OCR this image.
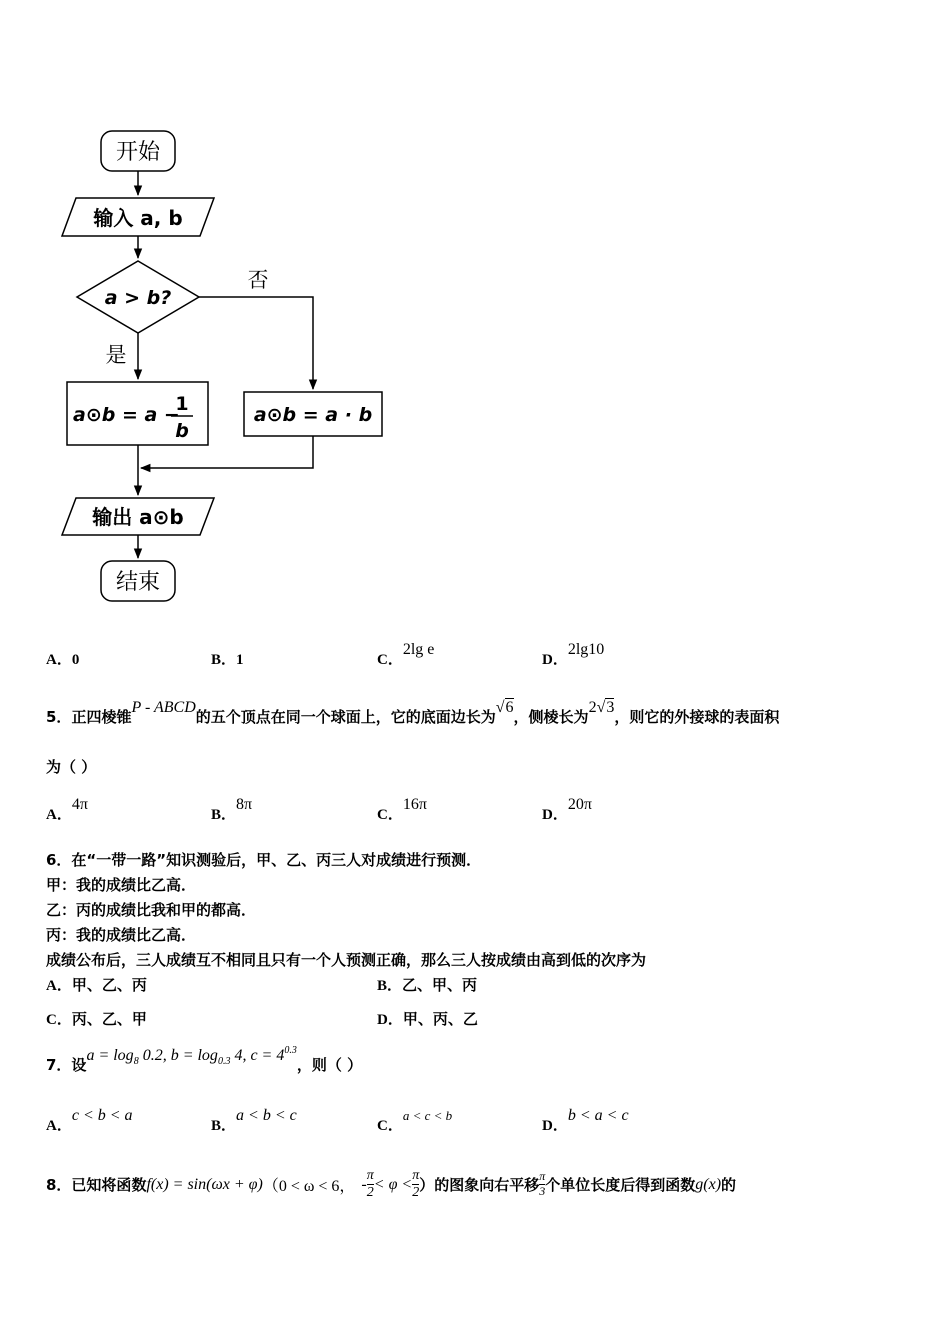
开始
输入 a, b
a > b?
否
是
a⊙b = a −
1
b
a⊙b = a · b
输出 a⊙b
结束
A．0	B．1	C．2lg e
D．2lg10
5．正四棱锥P - ABCD的五个顶点在同一个球面上，它的底面边长为√6，侧棱长为2√3，则它的外接球的表面积
为（ ）
A．4π
B．8π
C．16π
D．20π
6．在“一带一路”知识测验后，甲、乙、丙三人对成绩进行预测．
甲：我的成绩比乙高．
乙：丙的成绩比我和甲的都高．
丙：我的成绩比乙高．
成绩公布后，三人成绩互不相同且只有一个人预测正确，那么三人按成绩由高到低的次序为
A．甲、乙、丙	B．乙、甲、丙
C．丙、乙、甲	D．甲、丙、乙
7．设$a = \log_8 0.2$, $b = \log_{0.3} 4$, $c = 4^{0.3}$，则（ ）
A．c < b < a
B．a < b < c
C．a < c < b
D．b < a < c
8．已知将函数 f(x) = sin(ωx + φ) （0 < ω < 6， - $\frac{\pi}{2} < \varphi < \frac{\pi}{2}$ ）的图象向右平移 $\frac{\pi}{3}$ 个单位长度后得到函数 g(x) 的
